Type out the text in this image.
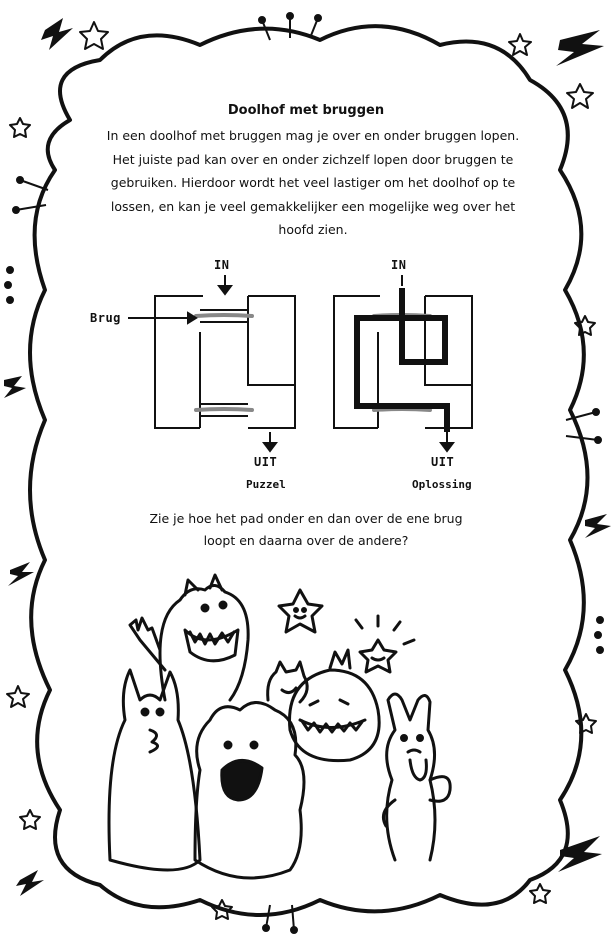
Doolhof met bruggen
In een doolhof met bruggen mag je over en onder bruggen lopen.
Het juiste pad kan over en onder zichzelf lopen door bruggen te
gebruiken. Hierdoor wordt het veel lastiger om het doolhof op te
lossen, en kan je veel gemakkelijker een mogelijke weg over het
hoofd zien.
IN	IN
Brug
UIT	UIT
Puzzel	Oplossing
Zie je hoe het pad onder en dan over de ene brug
loopt en daarna over de andere?
